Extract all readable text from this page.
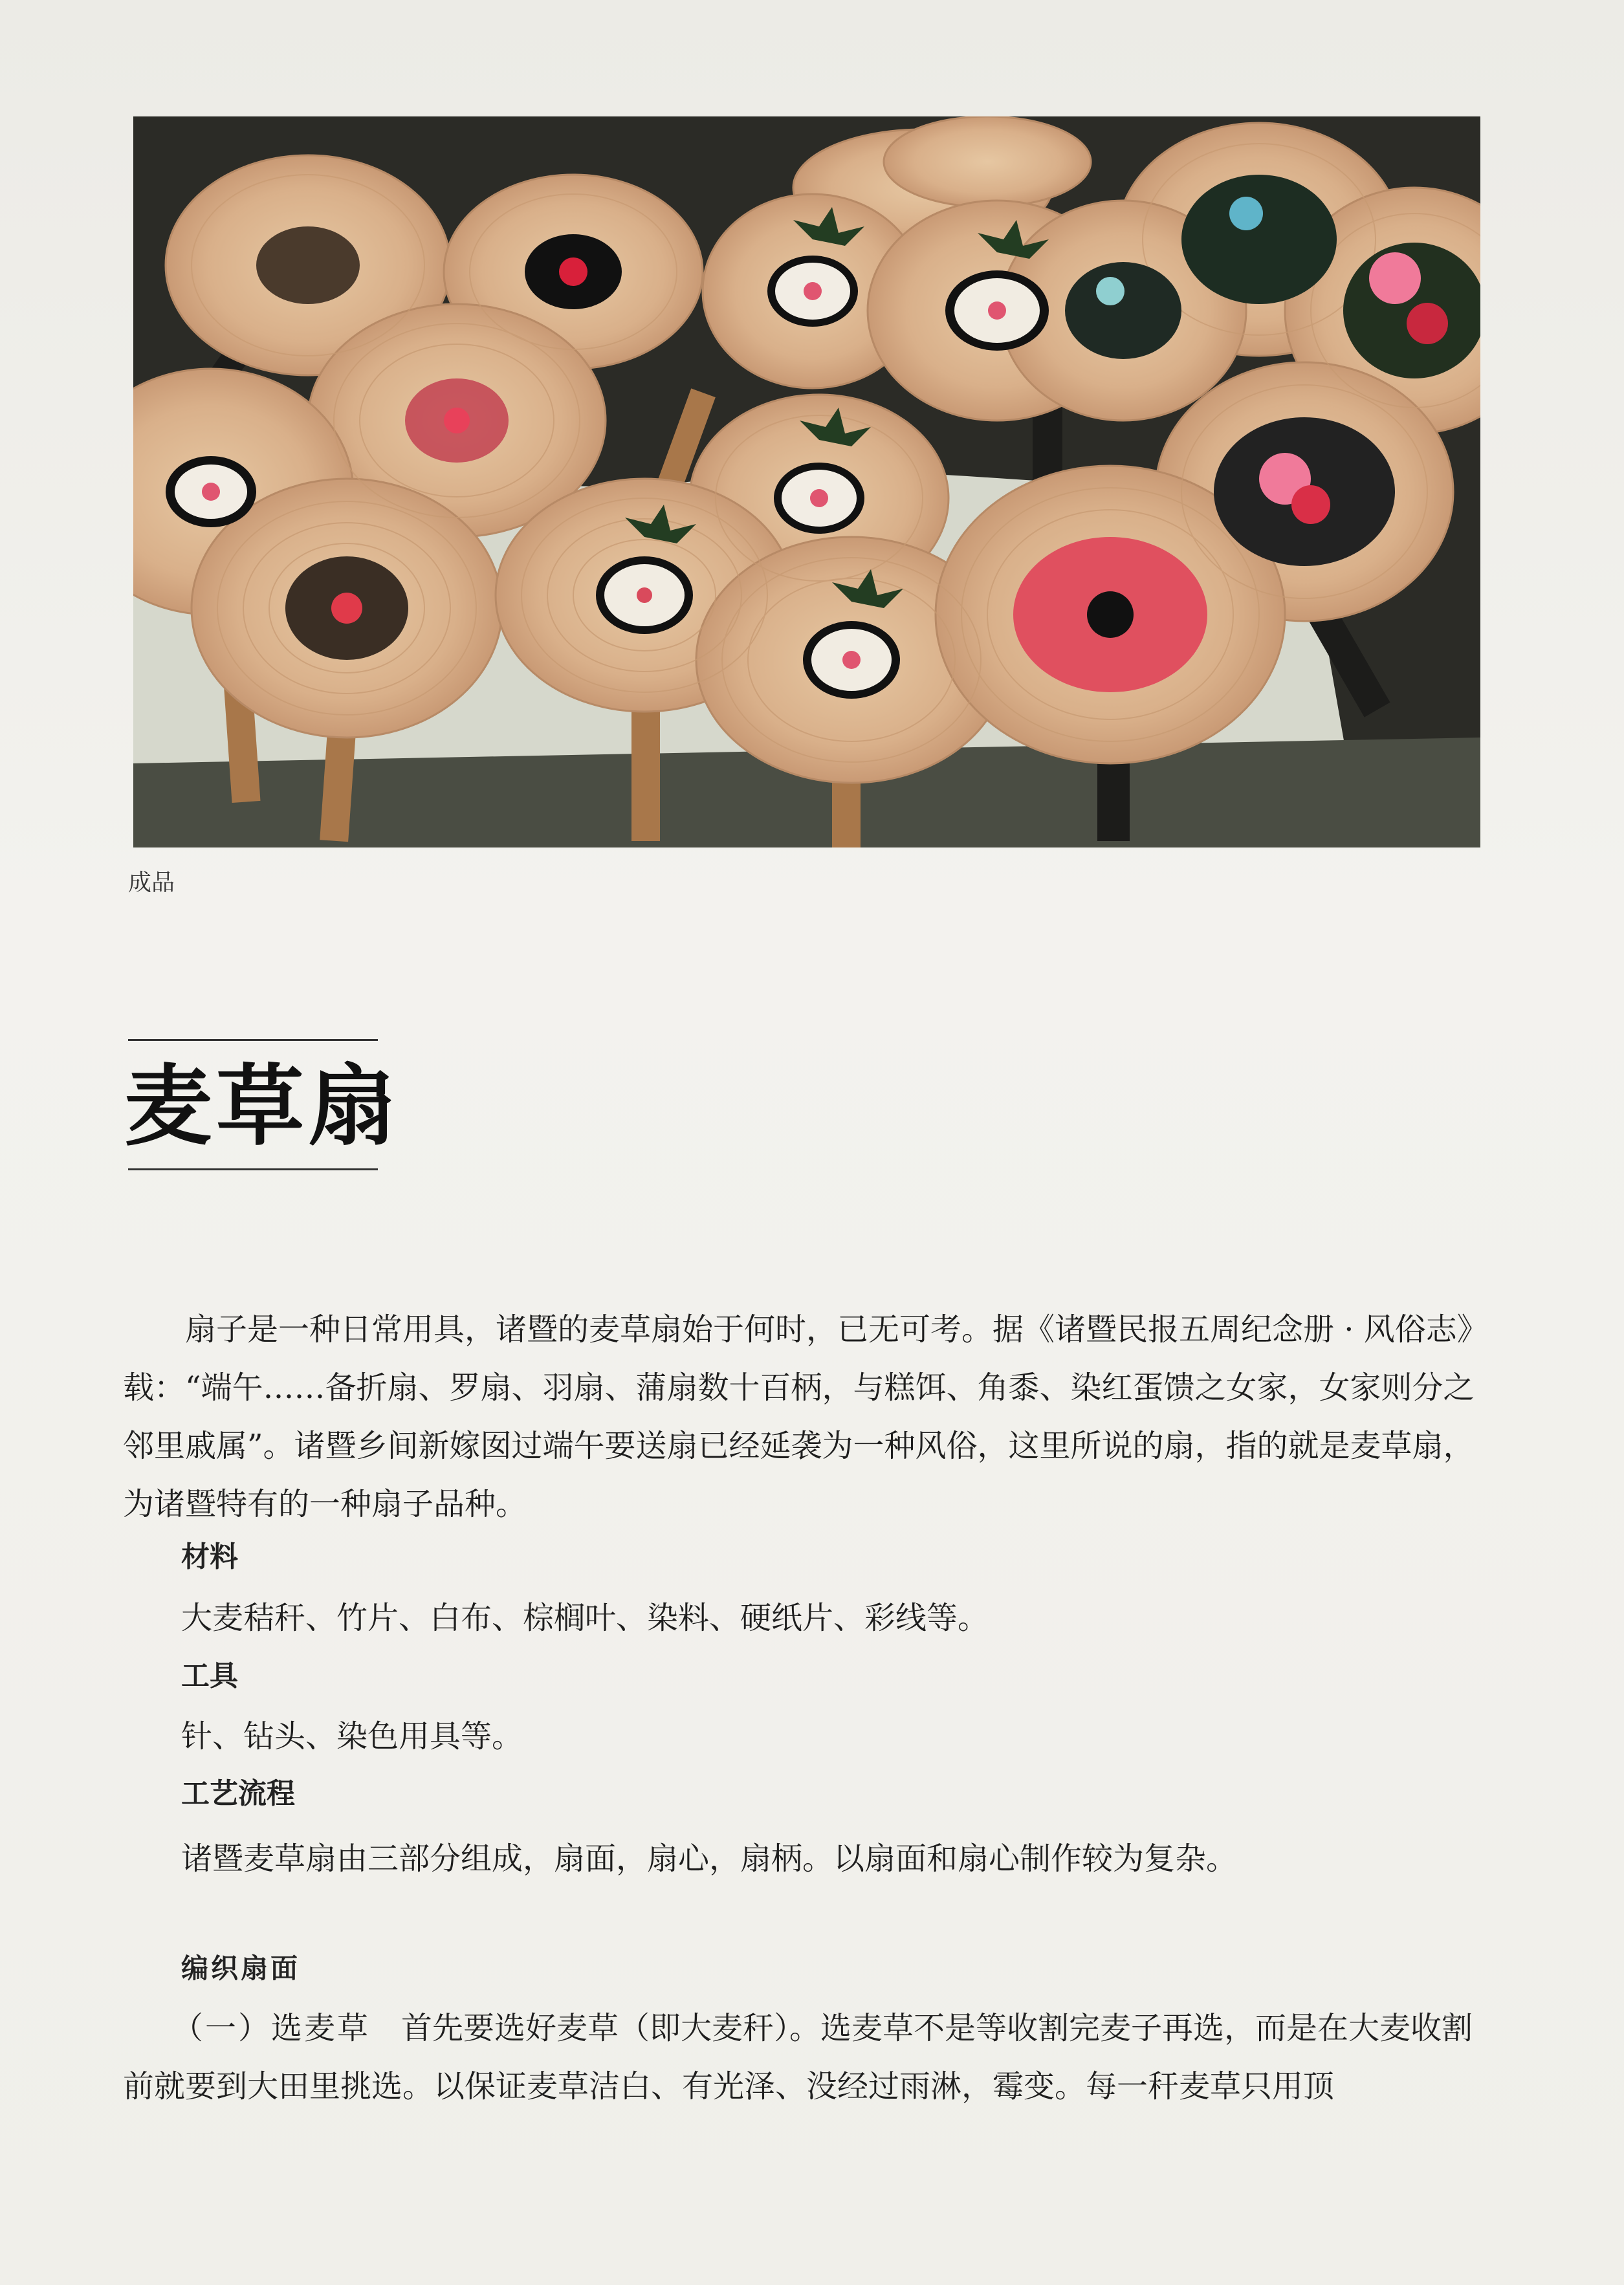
成品
麦草扇
扇子是一种日常用具，诸暨的麦草扇始于何时，已无可考。据《诸暨民报五周纪念册 · 风俗志》载：“端午……备折扇、罗扇、羽扇、蒲扇数十百柄，与糕饵、角黍、染红蛋馈之女家，女家则分之邻里戚属”。诸暨乡间新嫁囡过端午要送扇已经延袭为一种风俗，这里所说的扇，指的就是麦草扇，为诸暨特有的一种扇子品种。
材料
大麦秸秆、竹片、白布、棕榈叶、染料、硬纸片、彩线等。
工具
针、钻头、染色用具等。
工艺流程
诸暨麦草扇由三部分组成，扇面，扇心，扇柄。以扇面和扇心制作较为复杂。
编织扇面
（一）选麦草 首先要选好麦草（即大麦秆）。选麦草不是等收割完麦子再选，而是在大麦收割前就要到大田里挑选。以保证麦草洁白、有光泽、没经过雨淋，霉变。每一秆麦草只用顶
